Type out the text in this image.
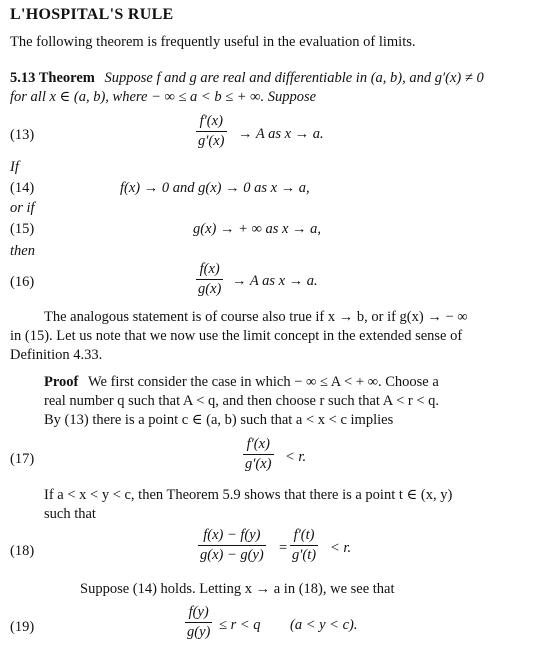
L'HOSPITAL'S RULE
The following theorem is frequently useful in the evaluation of limits.
5.13 Theorem Suppose f and g are real and differentiable in (a, b), and g′(x) ≠ 0
for all x ∈ (a, b), where − ∞ ≤ a < b ≤ + ∞. Suppose
(13)	$\frac{f'(x)}{g'(x)} \to A$ as x → a.
If
(14)	f(x) → 0 and g(x) → 0 as x → a,
or if
(15)	g(x) → + ∞ as x → a,
then
(16)	$\frac{f(x)}{g(x)} \to A$ as x → a.
The analogous statement is of course also true if x → b, or if g(x) → − ∞
in (15). Let us note that we now use the limit concept in the extended sense of
Definition 4.33.
Proof We first consider the case in which − ∞ ≤ A < + ∞. Choose a
real number q such that A < q, and then choose r such that A < r < q.
By (13) there is a point c ∈ (a, b) such that a < x < c implies
(17)	$\frac{f'(x)}{g'(x)} < r$.
If a < x < y < c, then Theorem 5.9 shows that there is a point t ∈ (x, y)
such that
(18)	$\frac{f(x) - f(y)}{g(x) - g(y)} = \frac{f'(t)}{g'(t)} < r$.
Suppose (14) holds. Letting x → a in (18), we see that
(19)	$\frac{f(y)}{g(y)} \le r < q$ (a < y < c).
